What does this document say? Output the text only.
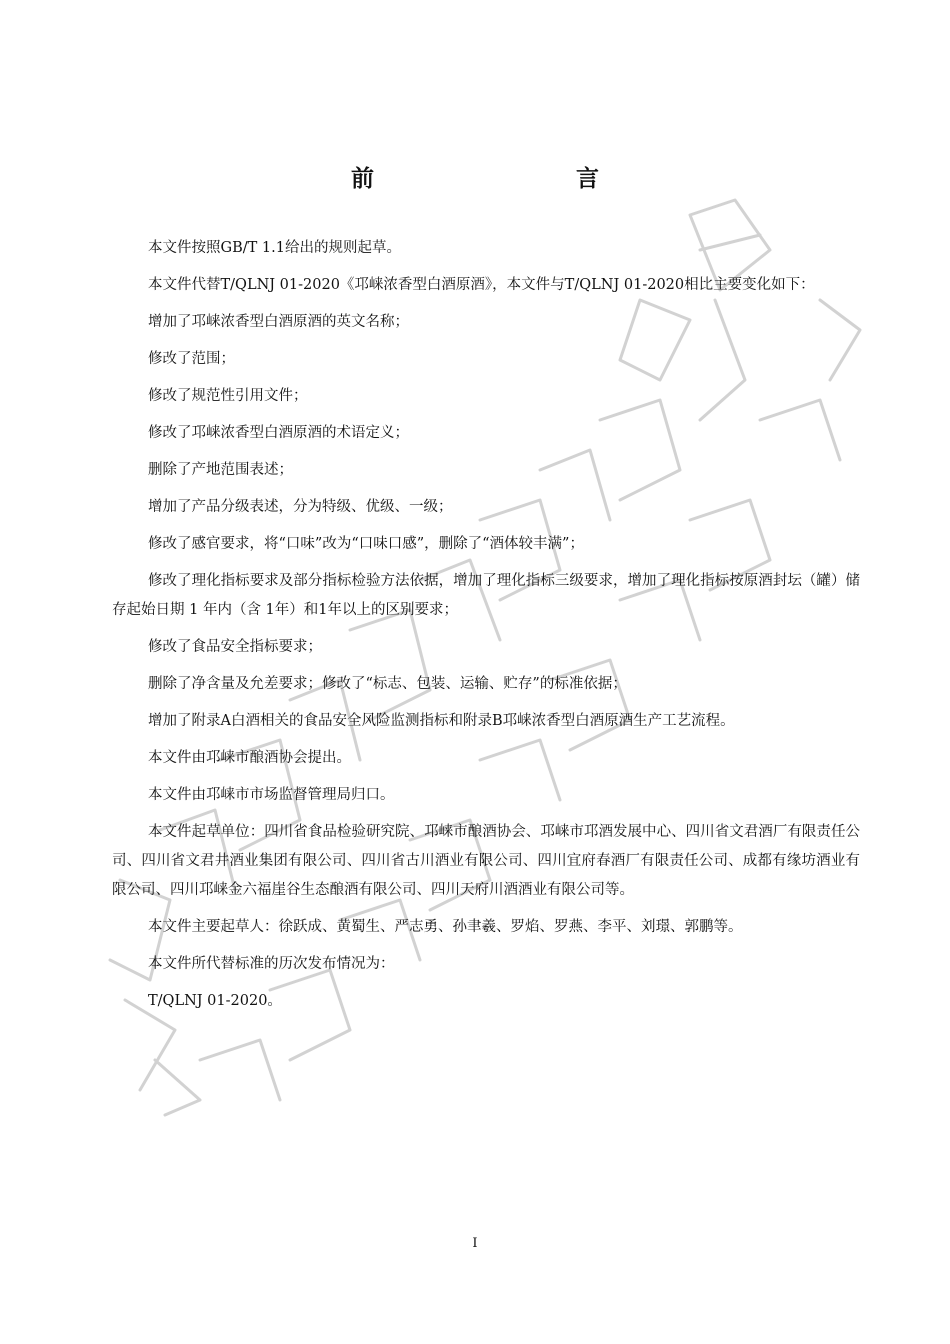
前　　言

本文件按照GB/T 1.1给出的规则起草。

本文件代替T/QLNJ 01-2020《邛崃浓香型白酒原酒》，本文件与T/QLNJ 01-2020相比主要变化如下：

增加了邛崃浓香型白酒原酒的英文名称；

修改了范围；

修改了规范性引用文件；

修改了邛崃浓香型白酒原酒的术语定义；

删除了产地范围表述；

增加了产品分级表述，分为特级、优级、一级；

修改了感官要求，将“口味”改为“口味口感”，删除了“酒体较丰满”；

修改了理化指标要求及部分指标检验方法依据，增加了理化指标三级要求，增加了理化指标按原酒封坛（罐）储存起始日期 1 年内（含 1年）和1年以上的区别要求；

修改了食品安全指标要求；

删除了净含量及允差要求；修改了“标志、包装、运输、贮存”的标准依据；

增加了附录A白酒相关的食品安全风险监测指标和附录B邛崃浓香型白酒原酒生产工艺流程。

本文件由邛崃市酿酒协会提出。

本文件由邛崃市市场监督管理局归口。

本文件起草单位：四川省食品检验研究院、邛崃市酿酒协会、邛崃市邛酒发展中心、四川省文君酒厂有限责任公司、四川省文君井酒业集团有限公司、四川省古川酒业有限公司、四川宜府春酒厂有限责任公司、成都有缘坊酒业有限公司、四川邛崃金六福崖谷生态酿酒有限公司、四川天府川酒酒业有限公司等。

本文件主要起草人：徐跃成、黄蜀生、严志勇、孙聿羲、罗焰、罗燕、李平、刘璟、郭鹏等。

本文件所代替标准的历次发布情况为：

T/QLNJ 01-2020。

I
